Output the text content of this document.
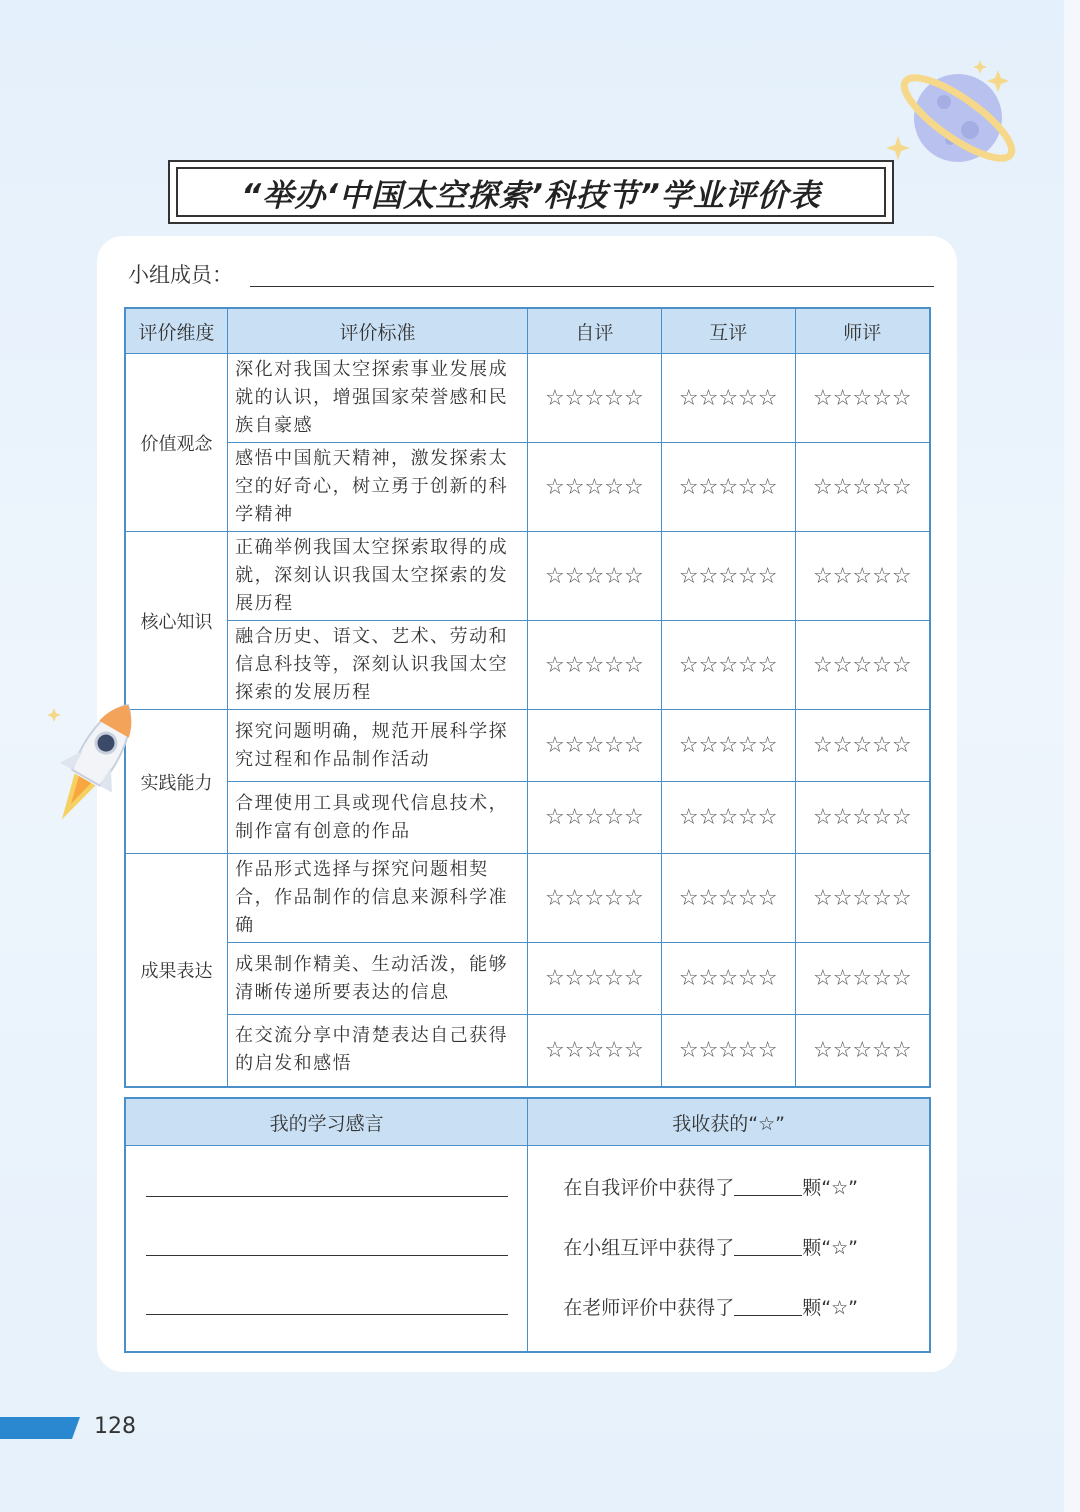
“举办‘中国太空探索’科技节”学业评价表
小组成员：
评价维度	评价标准	自评	互评	师评
价值观念	深化对我国太空探索事业发展成就的认识，增强国家荣誉感和民族自豪感	☆☆☆☆☆	☆☆☆☆☆	☆☆☆☆☆
	感悟中国航天精神，激发探索太空的好奇心，树立勇于创新的科学精神	☆☆☆☆☆	☆☆☆☆☆	☆☆☆☆☆
核心知识	正确举例我国太空探索取得的成就，深刻认识我国太空探索的发展历程	☆☆☆☆☆	☆☆☆☆☆	☆☆☆☆☆
	融合历史、语文、艺术、劳动和信息科技等，深刻认识我国太空探索的发展历程	☆☆☆☆☆	☆☆☆☆☆	☆☆☆☆☆
实践能力	探究问题明确，规范开展科学探究过程和作品制作活动	☆☆☆☆☆	☆☆☆☆☆	☆☆☆☆☆
	合理使用工具或现代信息技术，制作富有创意的作品	☆☆☆☆☆	☆☆☆☆☆	☆☆☆☆☆
成果表达	作品形式选择与探究问题相契合，作品制作的信息来源科学准确	☆☆☆☆☆	☆☆☆☆☆	☆☆☆☆☆
	成果制作精美、生动活泼，能够清晰传递所要表达的信息	☆☆☆☆☆	☆☆☆☆☆	☆☆☆☆☆
	在交流分享中清楚表达自己获得的启发和感悟	☆☆☆☆☆	☆☆☆☆☆	☆☆☆☆☆
我的学习感言	我收获的“☆”

	在自我评价中获得了 颗“☆”
在小组互评中获得了 颗“☆”
在老师评价中获得了 颗“☆”
128
